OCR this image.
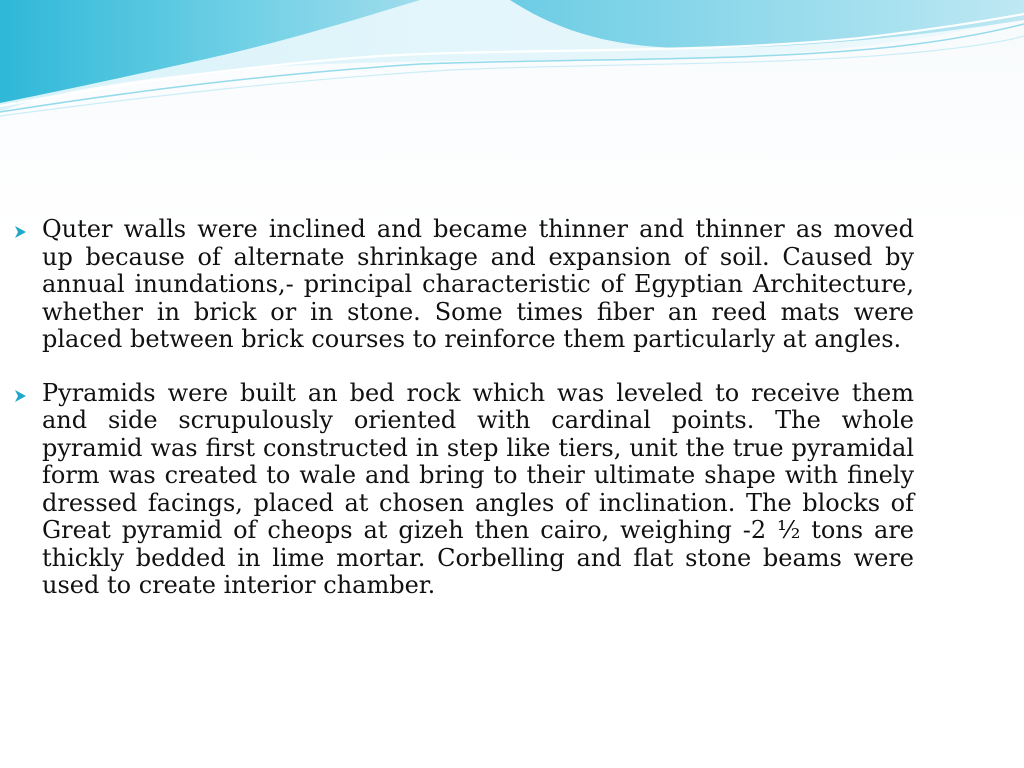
Quter walls were inclined and became thinner and thinner as moved up because of alternate shrinkage and expansion of soil. Caused by annual inundations,- principal characteristic of Egyptian Architecture, whether in brick or in stone. Some times fiber an reed mats were placed between brick courses to reinforce them particularly at angles.

Pyramids were built an bed rock which was leveled to receive them and side scrupulously oriented with cardinal points. The whole pyramid was first constructed in step like tiers, unit the true pyramidal form was created to wale and bring to their ultimate shape with finely dressed facings, placed at chosen angles of inclination. The blocks of Great pyramid of cheops at gizeh then cairo, weighing -2 ½ tons are thickly bedded in lime mortar. Corbelling and flat stone beams were used to create interior chamber.
